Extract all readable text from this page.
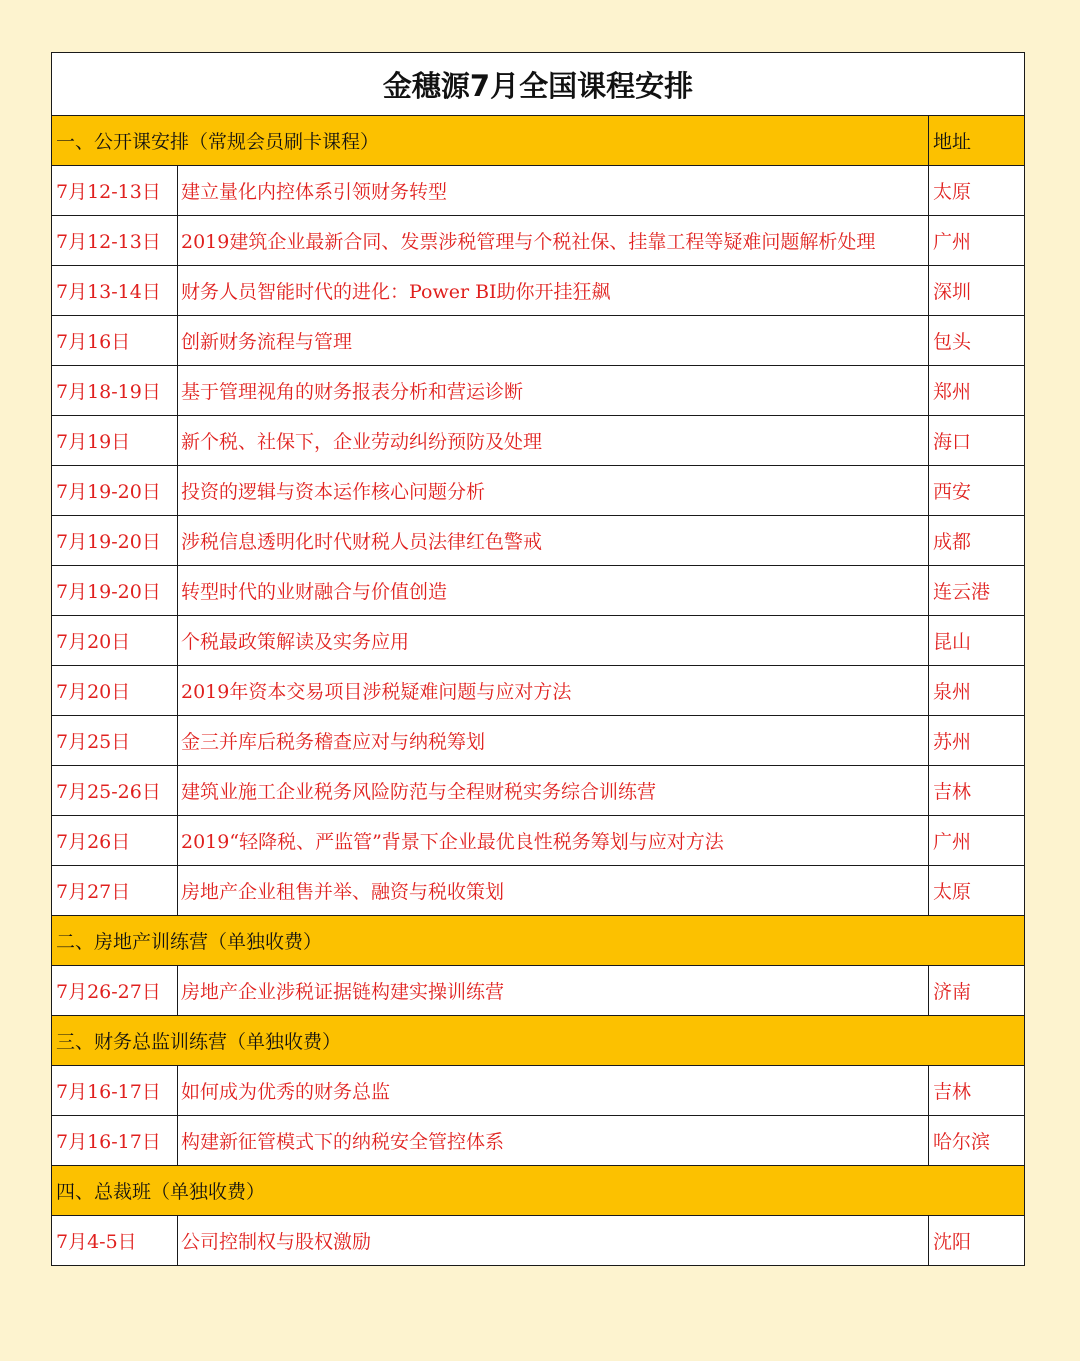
金穗源7月全国课程安排		
一、公开课安排（常规会员刷卡课程）		地址
7月12-13日	建立量化内控体系引领财务转型	太原
7月12-13日	2019建筑企业最新合同、发票涉税管理与个税社保、挂靠工程等疑难问题解析处理	广州
7月13-14日	财务人员智能时代的进化：Power BI助你开挂狂飙	深圳
7月16日	创新财务流程与管理	包头
7月18-19日	基于管理视角的财务报表分析和营运诊断	郑州
7月19日	新个税、社保下，企业劳动纠纷预防及处理	海口
7月19-20日	投资的逻辑与资本运作核心问题分析	西安
7月19-20日	涉税信息透明化时代财税人员法律红色警戒	成都
7月19-20日	转型时代的业财融合与价值创造	连云港
7月20日	个税最政策解读及实务应用	昆山
7月20日	2019年资本交易项目涉税疑难问题与应对方法	泉州
7月25日	金三并库后税务稽查应对与纳税筹划	苏州
7月25-26日	建筑业施工企业税务风险防范与全程财税实务综合训练营	吉林
7月26日	2019“轻降税、严监管”背景下企业最优良性税务筹划与应对方法	广州
7月27日	房地产企业租售并举、融资与税收策划	太原
二、房地产训练营（单独收费）		
7月26-27日	房地产企业涉税证据链构建实操训练营	济南
三、财务总监训练营（单独收费）		
7月16-17日	如何成为优秀的财务总监	吉林
7月16-17日	构建新征管模式下的纳税安全管控体系	哈尔滨
四、总裁班（单独收费）		
7月4-5日	公司控制权与股权激励	沈阳
